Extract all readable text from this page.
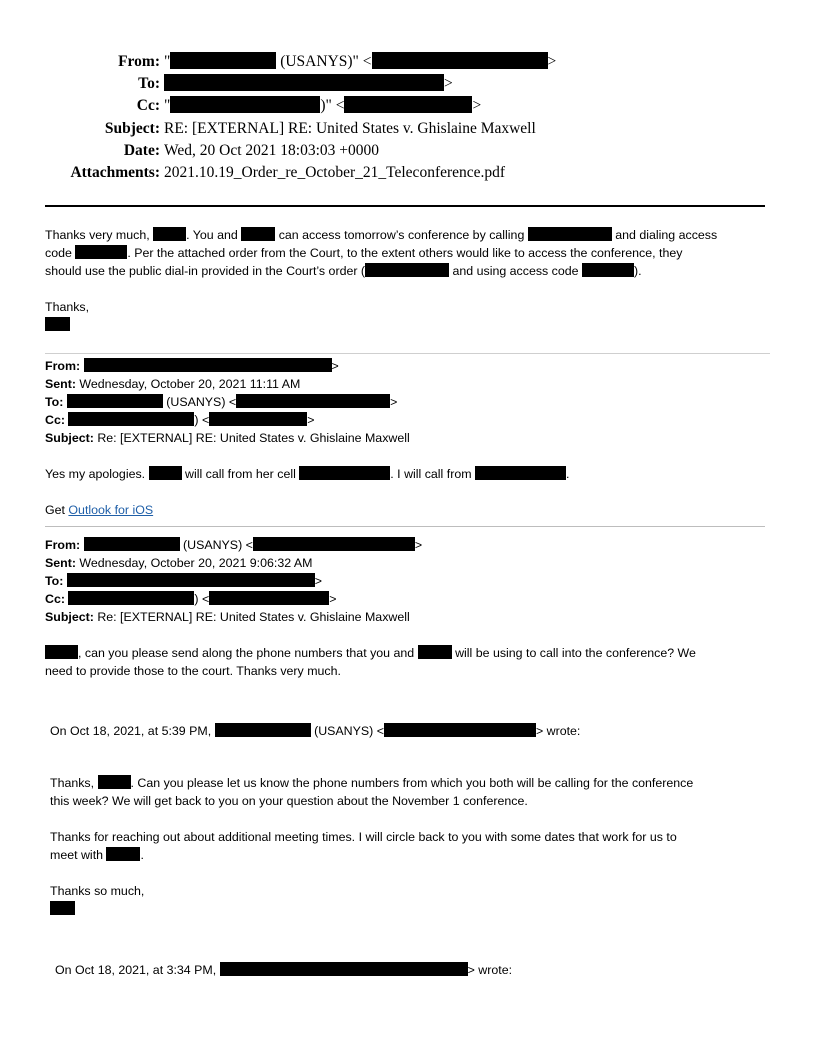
From: "	(USANYS)" <	>
To:	>
Cc: "	)" <	>
Subject: RE: [EXTERNAL] RE: United States v. Ghislaine Maxwell
Date: Wed, 20 Oct 2021 18:03:03 +0000
Attachments: 2021.10.19_Order_re_October_21_Teleconference.pdf
Thanks very much,	. You and	can access tomorrow’s conference by calling	and dialing access
code	. Per the attached order from the Court, to the extent others would like to access the conference, they
should use the public dial-in provided in the Court’s order (	and using access code	).
Thanks,
From:	>
Sent: Wednesday, October 20, 2021 11:11 AM
To:	(USANYS) <	>
Cc:	) <	>
Subject: Re: [EXTERNAL] RE: United States v. Ghislaine Maxwell
Yes my apologies.	will call from her cell	. I will call from	.
Get Outlook for iOS
From:	(USANYS) <	>
Sent: Wednesday, October 20, 2021 9:06:32 AM
To:	>
Cc:	) <	>
Subject: Re: [EXTERNAL] RE: United States v. Ghislaine Maxwell
, can you please send along the phone numbers that you and	will be using to call into the conference? We
need to provide those to the court. Thanks very much.
On Oct 18, 2021, at 5:39 PM,	(USANYS) <	> wrote:
Thanks,	. Can you please let us know the phone numbers from which you both will be calling for the conference
this week? We will get back to you on your question about the November 1 conference.
Thanks for reaching out about additional meeting times. I will circle back to you with some dates that work for us to
meet with	.
Thanks so much,
On Oct 18, 2021, at 3:34 PM,	> wrote:
